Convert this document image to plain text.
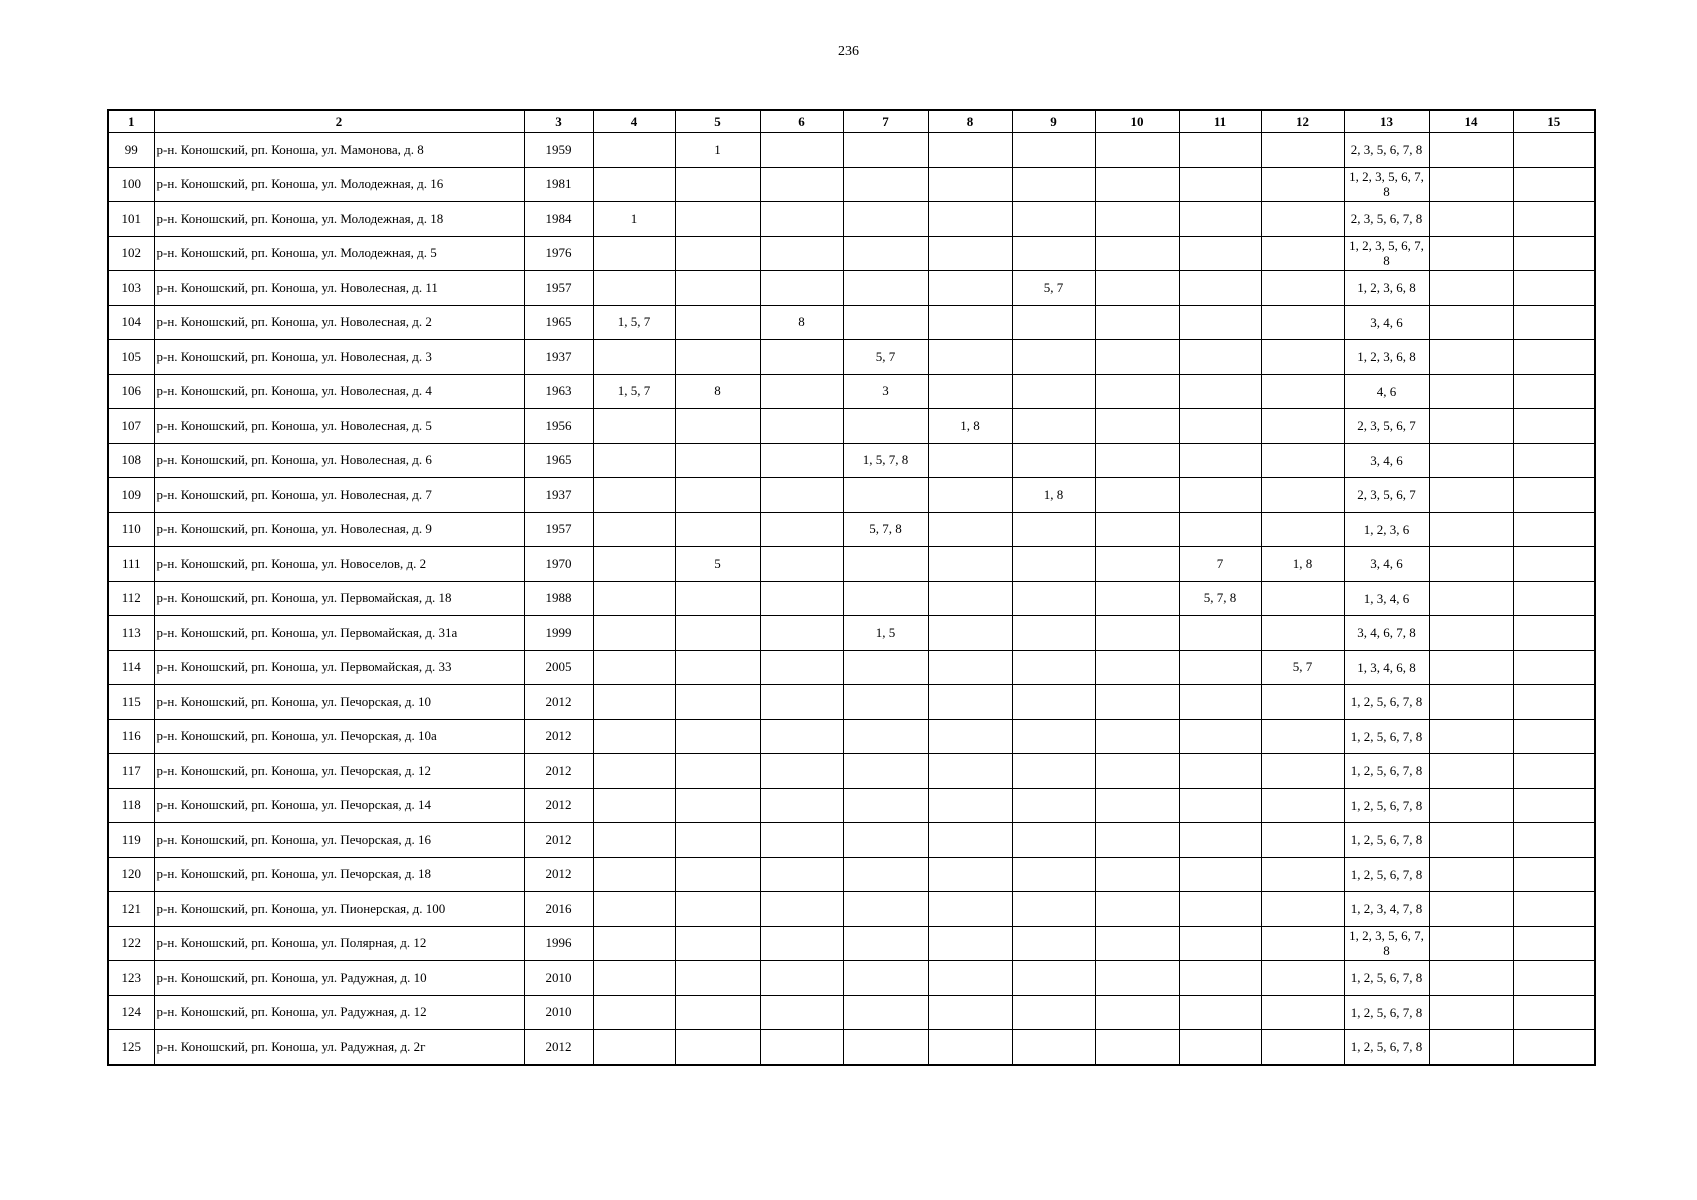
236
1	2	3	4	5	6	7	8	9	10	11	12	13	14	15
99	р-н. Коношский, рп. Коноша, ул. Мамонова, д. 8	1959		1								2, 3, 5, 6, 7, 8		
100	р-н. Коношский, рп. Коноша, ул. Молодежная, д. 16	1981										1, 2, 3, 5, 6, 7, 8		
101	р-н. Коношский, рп. Коноша, ул. Молодежная, д. 18	1984	1									2, 3, 5, 6, 7, 8		
102	р-н. Коношский, рп. Коноша, ул. Молодежная, д. 5	1976										1, 2, 3, 5, 6, 7, 8		
103	р-н. Коношский, рп. Коноша, ул. Новолесная, д. 11	1957						5, 7				1, 2, 3, 6, 8		
104	р-н. Коношский, рп. Коноша, ул. Новолесная, д. 2	1965	1, 5, 7		8							3, 4, 6		
105	р-н. Коношский, рп. Коноша, ул. Новолесная, д. 3	1937				5, 7						1, 2, 3, 6, 8		
106	р-н. Коношский, рп. Коноша, ул. Новолесная, д. 4	1963	1, 5, 7	8		3						4, 6		
107	р-н. Коношский, рп. Коноша, ул. Новолесная, д. 5	1956					1, 8					2, 3, 5, 6, 7		
108	р-н. Коношский, рп. Коноша, ул. Новолесная, д. 6	1965				1, 5, 7, 8						3, 4, 6		
109	р-н. Коношский, рп. Коноша, ул. Новолесная, д. 7	1937						1, 8				2, 3, 5, 6, 7		
110	р-н. Коношский, рп. Коноша, ул. Новолесная, д. 9	1957				5, 7, 8						1, 2, 3, 6		
111	р-н. Коношский, рп. Коноша, ул. Новоселов, д. 2	1970		5						7	1, 8	3, 4, 6		
112	р-н. Коношский, рп. Коноша, ул. Первомайская, д. 18	1988								5, 7, 8		1, 3, 4, 6		
113	р-н. Коношский, рп. Коноша, ул. Первомайская, д. 31а	1999				1, 5						3, 4, 6, 7, 8		
114	р-н. Коношский, рп. Коноша, ул. Первомайская, д. 33	2005									5, 7	1, 3, 4, 6, 8		
115	р-н. Коношский, рп. Коноша, ул. Печорская, д. 10	2012										1, 2, 5, 6, 7, 8		
116	р-н. Коношский, рп. Коноша, ул. Печорская, д. 10а	2012										1, 2, 5, 6, 7, 8		
117	р-н. Коношский, рп. Коноша, ул. Печорская, д. 12	2012										1, 2, 5, 6, 7, 8		
118	р-н. Коношский, рп. Коноша, ул. Печорская, д. 14	2012										1, 2, 5, 6, 7, 8		
119	р-н. Коношский, рп. Коноша, ул. Печорская, д. 16	2012										1, 2, 5, 6, 7, 8		
120	р-н. Коношский, рп. Коноша, ул. Печорская, д. 18	2012										1, 2, 5, 6, 7, 8		
121	р-н. Коношский, рп. Коноша, ул. Пионерская, д. 100	2016										1, 2, 3, 4, 7, 8		
122	р-н. Коношский, рп. Коноша, ул. Полярная, д. 12	1996										1, 2, 3, 5, 6, 7, 8		
123	р-н. Коношский, рп. Коноша, ул. Радужная, д. 10	2010										1, 2, 5, 6, 7, 8		
124	р-н. Коношский, рп. Коноша, ул. Радужная, д. 12	2010										1, 2, 5, 6, 7, 8		
125	р-н. Коношский, рп. Коноша, ул. Радужная, д. 2г	2012										1, 2, 5, 6, 7, 8		
